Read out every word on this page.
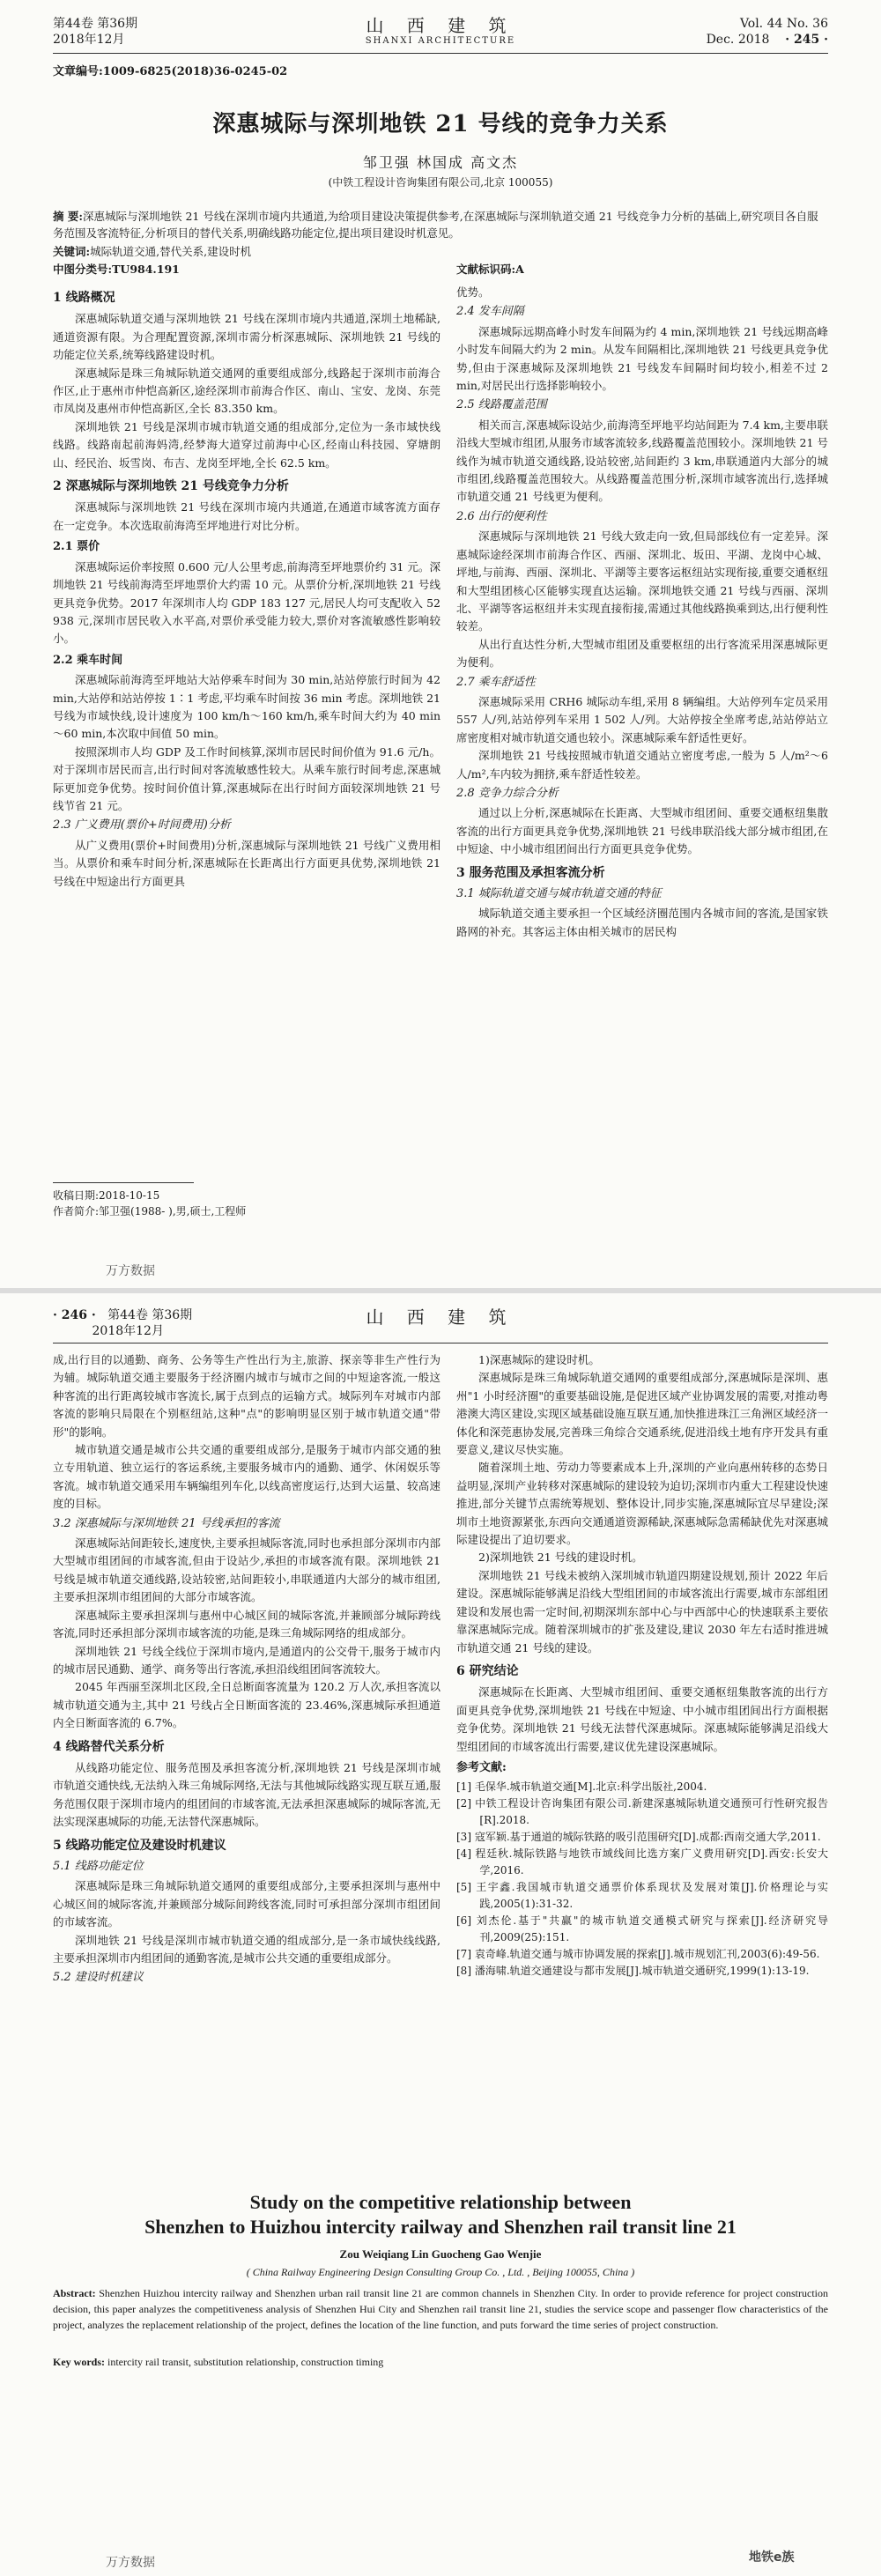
第44卷 第36期
2018年12月
山 西 建 筑
SHANXI ARCHITECTURE
Vol. 44 No. 36
Dec. 2018 · 245 ·
文章编号:1009-6825(2018)36-0245-02
深惠城际与深圳地铁 21 号线的竞争力关系
邹卫强 林国成 高文杰
(中铁工程设计咨询集团有限公司,北京 100055)
摘 要:深惠城际与深圳地铁 21 号线在深圳市境内共通道,为给项目建设决策提供参考,在深惠城际与深圳轨道交通 21 号线竞争力分析的基础上,研究项目各自服务范围及客流特征,分析项目的替代关系,明确线路功能定位,提出项目建设时机意见。
关键词:城际轨道交通,替代关系,建设时机
中图分类号:TU984.191	文献标识码:A

1 线路概况

深惠城际轨道交通与深圳地铁 21 号线在深圳市境内共通道,深圳土地稀缺,通道资源有限。为合理配置资源,深圳市需分析深惠城际、深圳地铁 21 号线的功能定位关系,统筹线路建设时机。

深惠城际是珠三角城际轨道交通网的重要组成部分,线路起于深圳市前海合作区,止于惠州市仲恺高新区,途经深圳市前海合作区、南山、宝安、龙岗、东莞市凤岗及惠州市仲恺高新区,全长 83.350 km。

深圳地铁 21 号线是深圳市城市轨道交通的组成部分,定位为一条市域快线线路。线路南起前海妈湾,经梦海大道穿过前海中心区,经南山科技园、穿塘朗山、经民治、坂雪岗、布吉、龙岗至坪地,全长 62.5 km。

2 深惠城际与深圳地铁 21 号线竞争力分析

深惠城际与深圳地铁 21 号线在深圳市境内共通道,在通道市域客流方面存在一定竞争。本次选取前海湾至坪地进行对比分析。

2.1 票价

深惠城际运价率按照 0.600 元/人公里考虑,前海湾至坪地票价约 31 元。深圳地铁 21 号线前海湾至坪地票价大约需 10 元。从票价分析,深圳地铁 21 号线更具竞争优势。2017 年深圳市人均 GDP 183 127 元,居民人均可支配收入 52 938 元,深圳市居民收入水平高,对票价承受能力较大,票价对客流敏感性影响较小。

2.2 乘车时间

深惠城际前海湾至坪地站大站停乘车时间为 30 min,站站停旅行时间为 42 min,大站停和站站停按 1∶1 考虑,平均乘车时间按 36 min 考虑。深圳地铁 21 号线为市域快线,设计速度为 100 km/h～160 km/h,乘车时间大约为 40 min～60 min,本次取中间值 50 min。

按照深圳市人均 GDP 及工作时间核算,深圳市居民时间价值为 91.6 元/h。对于深圳市居民而言,出行时间对客流敏感性较大。从乘车旅行时间考虑,深惠城际更加竞争优势。按时间价值计算,深惠城际在出行时间方面较深圳地铁 21 号线节省 21 元。

2.3 广义费用(票价+时间费用)分析

从广义费用(票价+时间费用)分析,深惠城际与深圳地铁 21 号线广义费用相当。从票价和乘车时间分析,深惠城际在长距离出行方面更具优势,深圳地铁 21 号线在中短途出行方面更具

优势。

2.4 发车间隔

深惠城际远期高峰小时发车间隔为约 4 min,深圳地铁 21 号线远期高峰小时发车间隔大约为 2 min。从发车间隔相比,深圳地铁 21 号线更具竞争优势,但由于深惠城际及深圳地铁 21 号线发车间隔时间均较小,相差不过 2 min,对居民出行选择影响较小。

2.5 线路覆盖范围

相关而言,深惠城际设站少,前海湾至坪地平均站间距为 7.4 km,主要串联沿线大型城市组团,从服务市域客流较多,线路覆盖范围较小。深圳地铁 21 号线作为城市轨道交通线路,设站较密,站间距约 3 km,串联通道内大部分的城市组团,线路覆盖范围较大。从线路覆盖范围分析,深圳市域客流出行,选择城市轨道交通 21 号线更为便利。

2.6 出行的便利性

深惠城际与深圳地铁 21 号线大致走向一致,但局部线位有一定差异。深惠城际途经深圳市前海合作区、西丽、深圳北、坂田、平湖、龙岗中心城、坪地,与前海、西丽、深圳北、平湖等主要客运枢纽站实现衔接,重要交通枢纽和大型组团核心区能够实现直达运输。深圳地铁交通 21 号线与西丽、深圳北、平湖等客运枢纽并未实现直接衔接,需通过其他线路换乘到达,出行便利性较差。

从出行直达性分析,大型城市组团及重要枢纽的出行客流采用深惠城际更为便利。

2.7 乘车舒适性

深惠城际采用 CRH6 城际动车组,采用 8 辆编组。大站停列车定员采用 557 人/列,站站停列车采用 1 502 人/列。大站停按全坐席考虑,站站停站立席密度相对城市轨道交通也较小。深惠城际乘车舒适性更好。

深圳地铁 21 号线按照城市轨道交通站立密度考虑,一般为 5 人/m²～6 人/m²,车内较为拥挤,乘车舒适性较差。

2.8 竞争力综合分析

通过以上分析,深惠城际在长距离、大型城市组团间、重要交通枢纽集散客流的出行方面更具竞争优势,深圳地铁 21 号线串联沿线大部分城市组团,在中短途、中小城市组团间出行方面更具竞争优势。

3 服务范围及承担客流分析

3.1 城际轨道交通与城市轨道交通的特征

城际轨道交通主要承担一个区域经济圈范围内各城市间的客流,是国家铁路网的补充。其客运主体由相关城市的居民构

收稿日期:2018-10-15
作者简介:邹卫强(1988- ),男,硕士,工程师
万方数据
· 246 · 第44卷 第36期
2018年12月
山 西 建 筑

成,出行目的以通勤、商务、公务等生产性出行为主,旅游、探亲等非生产性行为为辅。城际轨道交通主要服务于经济圈内城市与城市之间的中短途客流,一般这种客流的出行距离较城市客流长,属于点到点的运输方式。城际列车对城市内部客流的影响只局限在个别枢纽站,这种"点"的影响明显区别于城市轨道交通"带形"的影响。

城市轨道交通是城市公共交通的重要组成部分,是服务于城市内部交通的独立专用轨道、独立运行的客运系统,主要服务城市内的通勤、通学、休闲娱乐等客流。城市轨道交通采用车辆编组列车化,以线高密度运行,达到大运量、较高速度的目标。

3.2 深惠城际与深圳地铁 21 号线承担的客流

深惠城际站间距较长,速度快,主要承担城际客流,同时也承担部分深圳市内部大型城市组团间的市域客流,但由于设站少,承担的市域客流有限。深圳地铁 21 号线是城市轨道交通线路,设站较密,站间距较小,串联通道内大部分的城市组团,主要承担深圳市组团间的大部分市域客流。

深惠城际主要承担深圳与惠州中心城区间的城际客流,并兼顾部分城际跨线客流,同时还承担部分深圳市域客流的功能,是珠三角城际网络的组成部分。

深圳地铁 21 号线全线位于深圳市境内,是通道内的公交骨干,服务于城市内的城市居民通勤、通学、商务等出行客流,承担沿线组团间客流较大。

2045 年西丽至深圳北区段,全日总断面客流量为 120.2 万人次,承担客流以城市轨道交通为主,其中 21 号线占全日断面客流的 23.46%,深惠城际承担通道内全日断面客流的 6.7%。

4 线路替代关系分析

从线路功能定位、服务范围及承担客流分析,深圳地铁 21 号线是深圳市城市轨道交通快线,无法纳入珠三角城际网络,无法与其他城际线路实现互联互通,服务范围仅限于深圳市境内的组团间的市域客流,无法承担深惠城际的城际客流,无法实现深惠城际的功能,无法替代深惠城际。

5 线路功能定位及建设时机建议

5.1 线路功能定位

深惠城际是珠三角城际轨道交通网的重要组成部分,主要承担深圳与惠州中心城区间的城际客流,并兼顾部分城际间跨线客流,同时可承担部分深圳市组团间的市域客流。

深圳地铁 21 号线是深圳市城市轨道交通的组成部分,是一条市域快线线路,主要承担深圳市内组团间的通勤客流,是城市公共交通的重要组成部分。

5.2 建设时机建议

1)深惠城际的建设时机。

深惠城际是珠三角城际轨道交通网的重要组成部分,深惠城际是深圳、惠州"1 小时经济圈"的重要基础设施,是促进区域产业协调发展的需要,对推动粤港澳大湾区建设,实现区域基础设施互联互通,加快推进珠江三角洲区域经济一体化和深莞惠协发展,完善珠三角综合交通系统,促进沿线土地有序开发具有重要意义,建议尽快实施。

随着深圳土地、劳动力等要素成本上升,深圳的产业向惠州转移的态势日益明显,深圳产业转移对深惠城际的建设较为迫切;深圳市内重大工程建设快速推进,部分关键节点需统筹规划、整体设计,同步实施,深惠城际宜尽早建设;深圳市土地资源紧张,东西向交通通道资源稀缺,深惠城际急需稀缺优先对深惠城际建设提出了迫切要求。

2)深圳地铁 21 号线的建设时机。

深圳地铁 21 号线未被纳入深圳城市轨道四期建设规划,预计 2022 年后建设。深惠城际能够满足沿线大型组团间的市域客流出行需要,城市东部组团建设和发展也需一定时间,初期深圳东部中心与中西部中心的快速联系主要依靠深惠城际完成。随着深圳城市的扩张及建设,建议 2030 年左右适时推进城市轨道交通 21 号线的建设。

6 研究结论

深惠城际在长距离、大型城市组团间、重要交通枢纽集散客流的出行方面更具竞争优势,深圳地铁 21 号线在中短途、中小城市组团间出行方面根据竞争优势。深圳地铁 21 号线无法替代深惠城际。深惠城际能够满足沿线大型组团间的市域客流出行需要,建议优先建设深惠城际。

参考文献:

[1] 毛保华.城市轨道交通[M].北京:科学出版社,2004.

[2] 中铁工程设计咨询集团有限公司.新建深惠城际轨道交通预可行性研究报告[R].2018.

[3] 寇军颖.基于通道的城际铁路的吸引范围研究[D].成都:西南交通大学,2011.

[4] 程廷秋.城际铁路与地铁市域线间比选方案广义费用研究[D].西安:长安大学,2016.

[5] 王宇鑫.我国城市轨道交通票价体系现状及发展对策[J].价格理论与实践,2005(1):31-32.

[6] 刘杰伦.基于"共赢"的城市轨道交通模式研究与探索[J].经济研究导刊,2009(25):151.

[7] 袁奇峰.轨道交通与城市协调发展的探索[J].城市规划汇刊,2003(6):49-56.

[8] 潘海啸.轨道交通建设与都市发展[J].城市轨道交通研究,1999(1):13-19.

Study on the competitive relationship between
Shenzhen to Huizhou intercity railway and Shenzhen rail transit line 21
Zou Weiqiang Lin Guocheng Gao Wenjie
( China Railway Engineering Design Consulting Group Co. , Ltd. , Beijing 100055, China )
Abstract: Shenzhen Huizhou intercity railway and Shenzhen urban rail transit line 21 are common channels in Shenzhen City. In order to provide reference for project construction decision, this paper analyzes the competitiveness analysis of Shenzhen Hui City and Shenzhen rail transit line 21, studies the service scope and passenger flow characteristics of the project, analyzes the replacement relationship of the project, defines the location of the line function, and puts forward the time series of project construction.
Key words: intercity rail transit, substitution relationship, construction timing
万方数据	地铁e族
